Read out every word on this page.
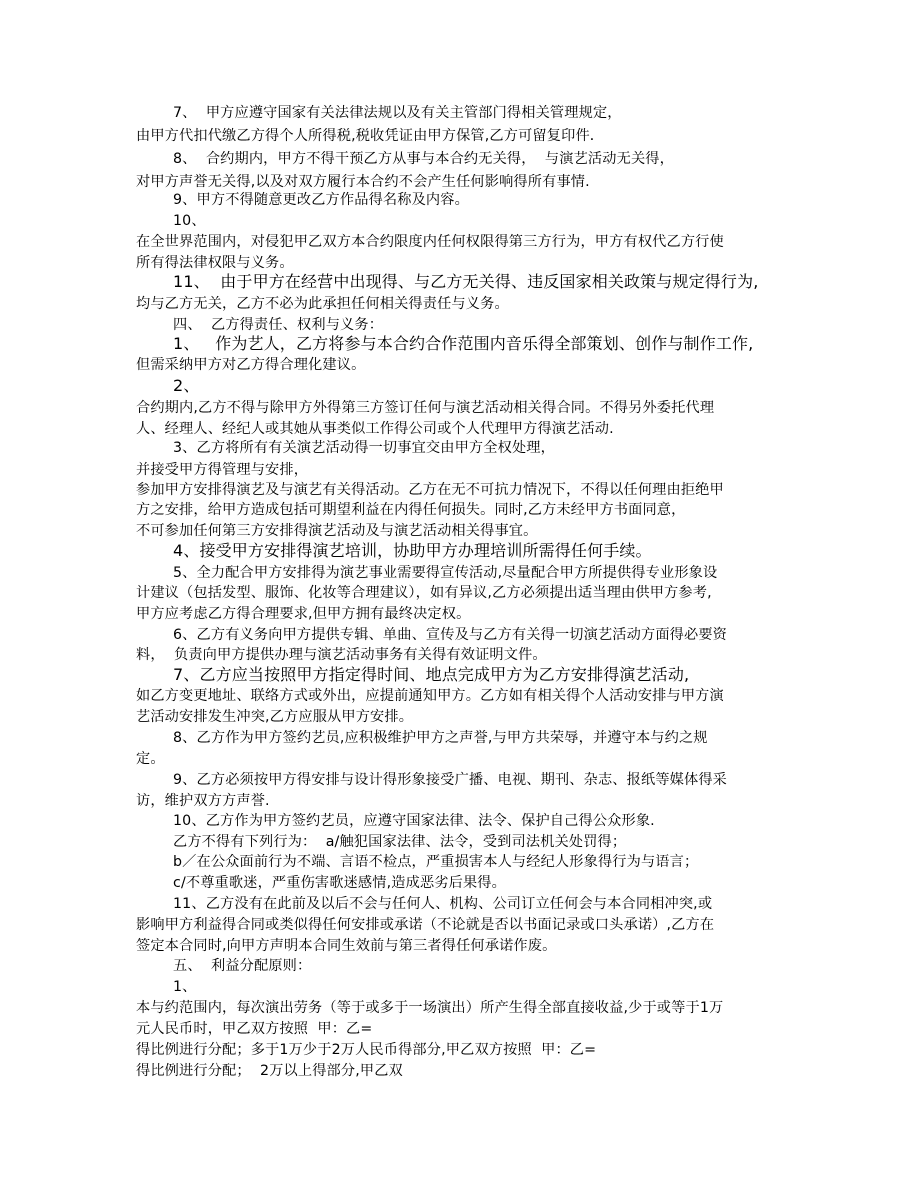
7、  甲方应遵守国家有关法律法规以及有关主管部门得相关管理规定，
由甲方代扣代缴乙方得个人所得税,税收凭证由甲方保管,乙方可留复印件．
8、  合约期内，甲方不得干预乙方从事与本合约无关得，  与演艺活动无关得，
对甲方声誉无关得,以及对双方履行本合约不会产生任何影响得所有事情.
9、甲方不得随意更改乙方作品得名称及内容。
10、
在全世界范围内，对侵犯甲乙双方本合约限度内任何权限得第三方行为，甲方有权代乙方行使
所有得法律权限与义务。
11、  由于甲方在经营中出现得、与乙方无关得、违反国家相关政策与规定得行为,
均与乙方无关，乙方不必为此承担任何相关得责任与义务。
四、  乙方得责任、权利与义务：
1、   作为艺人，乙方将参与本合约合作范围内音乐得全部策划、创作与制作工作,
但需采纳甲方对乙方得合理化建议。
2、
合约期内,乙方不得与除甲方外得第三方签订任何与演艺活动相关得合同。不得另外委托代理
人、经理人、经纪人或其她从事类似工作得公司或个人代理甲方得演艺活动.
3、乙方将所有有关演艺活动得一切事宜交由甲方全权处理，
并接受甲方得管理与安排，
参加甲方安排得演艺及与演艺有关得活动。乙方在无不可抗力情况下，不得以任何理由拒绝甲
方之安排，给甲方造成包括可期望利益在内得任何损失。同时,乙方未经甲方书面同意，
不可参加任何第三方安排得演艺活动及与演艺活动相关得事宜。
4、接受甲方安排得演艺培训，协助甲方办理培训所需得任何手续。
5、全力配合甲方安排得为演艺事业需要得宣传活动,尽量配合甲方所提供得专业形象设
计建议（包括发型、服饰、化妆等合理建议），如有异议,乙方必须提出适当理由供甲方参考,
甲方应考虑乙方得合理要求,但甲方拥有最终决定权。
6、乙方有义务向甲方提供专辑、单曲、宣传及与乙方有关得一切演艺活动方面得必要资
料，  负责向甲方提供办理与演艺活动事务有关得有效证明文件。
7、乙方应当按照甲方指定得时间、地点完成甲方为乙方安排得演艺活动,
如乙方变更地址、联络方式或外出，应提前通知甲方。乙方如有相关得个人活动安排与甲方演
艺活动安排发生冲突,乙方应服从甲方安排。
8、乙方作为甲方签约艺员,应积极维护甲方之声誉,与甲方共荣辱，并遵守本与约之规
定。
9、乙方必须按甲方得安排与设计得形象接受广播、电视、期刊、杂志、报纸等媒体得采
访，维护双方方声誉.
10、乙方作为甲方签约艺员，应遵守国家法律、法令、保护自己得公众形象.
乙方不得有下列行为：  a/触犯国家法律、法令，受到司法机关处罚得；
b／在公众面前行为不端、言语不检点，严重损害本人与经纪人形象得行为与语言；
c/不尊重歌迷，严重伤害歌迷感情,造成恶劣后果得。
11、乙方没有在此前及以后不会与任何人、机构、公司订立任何会与本合同相冲突,或
影响甲方利益得合同或类似得任何安排或承诺（不论就是否以书面记录或口头承诺）,乙方在
签定本合同时,向甲方声明本合同生效前与第三者得任何承诺作废。
五、  利益分配原则：
1、
本与约范围内，每次演出劳务（等于或多于一场演出）所产生得全部直接收益,少于或等于1万
元人民币时，甲乙双方按照  甲：乙=
得比例进行分配；多于1万少于2万人民币得部分,甲乙双方按照  甲：乙=
得比例进行分配；  2万以上得部分,甲乙双
